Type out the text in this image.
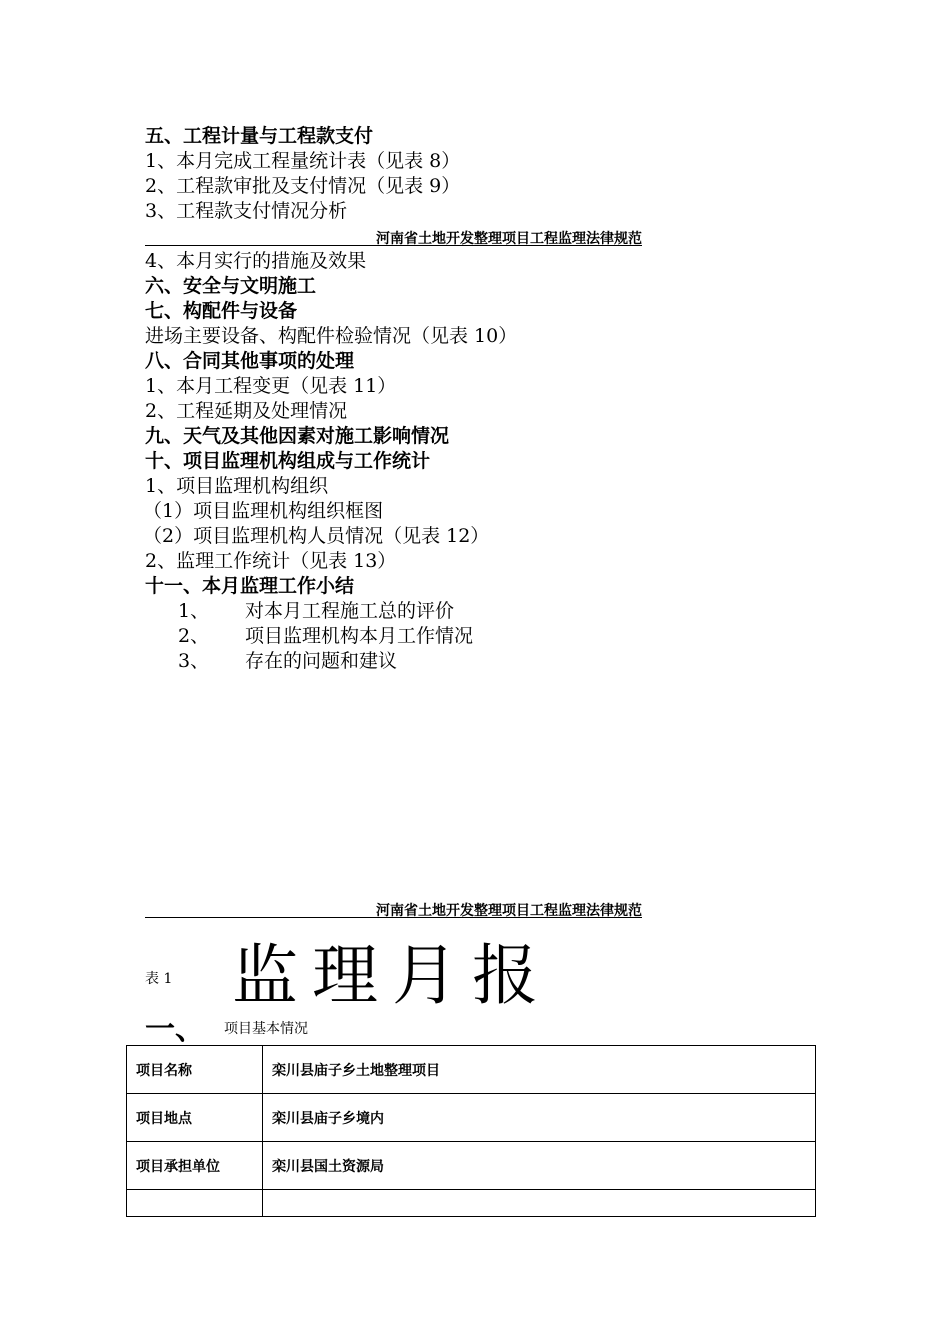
五、工程计量与工程款支付
1、本月完成工程量统计表（见表 8）
2、工程款审批及支付情况（见表 9）
3、工程款支付情况分析
河南省土地开发整理项目工程监理法律规范
4、本月实行的措施及效果
六、安全与文明施工
七、构配件与设备
进场主要设备、构配件检验情况（见表 10）
八、合同其他事项的处理
1、本月工程变更（见表 11）
2、工程延期及处理情况
九、天气及其他因素对施工影响情况
十、项目监理机构组成与工作统计
1、项目监理机构组织
（1）项目监理机构组织框图
（2）项目监理机构人员情况（见表 12）
2、监理工作统计（见表 13）
十一、本月监理工作小结
1、 对本月工程施工总的评价
2、 项目监理机构本月工作情况
3、 存在的问题和建议
河南省土地开发整理项目工程监理法律规范
表 1 监理月报
一、 项目基本情况
项目名称	栾川县庙子乡土地整理项目
项目地点	栾川县庙子乡境内
项目承担单位	栾川县国土资源局
